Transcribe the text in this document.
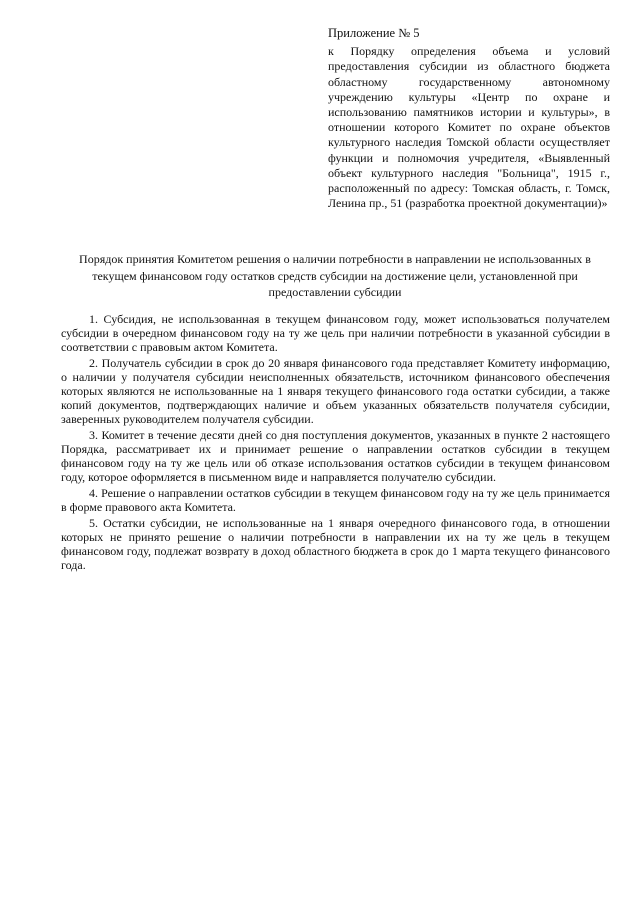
Приложение № 5

к Порядку определения объема и условий предоставления субсидии из областного бюджета областному государственному автономному учреждению культуры «Центр по охране и использованию памятников истории и культуры», в отношении которого Комитет по охране объектов культурного наследия Томской области осуществляет функции и полномочия учредителя, «Выявленный объект культурного наследия "Больница", 1915 г., расположенный по адресу: Томская область, г. Томск, Ленина пр., 51 (разработка проектной документации)»

Порядок принятия Комитетом решения о наличии потребности в направлении не использованных в текущем финансовом году остатков средств субсидии на достижение цели, установленной при предоставлении субсидии

1. Субсидия, не использованная в текущем финансовом году, может использоваться получателем субсидии в очередном финансовом году на ту же цель при наличии потребности в указанной субсидии в соответствии с правовым актом Комитета.

2. Получатель субсидии в срок до 20 января финансового года представляет Комитету информацию, о наличии у получателя субсидии неисполненных обязательств, источником финансового обеспечения которых являются не использованные на 1 января текущего финансового года остатки субсидии, а также копий документов, подтверждающих наличие и объем указанных обязательств получателя субсидии, заверенных руководителем получателя субсидии.

3. Комитет в течение десяти дней со дня поступления документов, указанных в пункте 2 настоящего Порядка, рассматривает их и принимает решение о направлении остатков субсидии в текущем финансовом году на ту же цель или об отказе использования остатков субсидии в текущем финансовом году, которое оформляется в письменном виде и направляется получателю субсидии.

4. Решение о направлении остатков субсидии в текущем финансовом году на ту же цель принимается в форме правового акта Комитета.

5. Остатки субсидии, не использованные на 1 января очередного финансового года, в отношении которых не принято решение о наличии потребности в направлении их на ту же цель в текущем финансовом году, подлежат возврату в доход областного бюджета в срок до 1 марта текущего финансового года.
